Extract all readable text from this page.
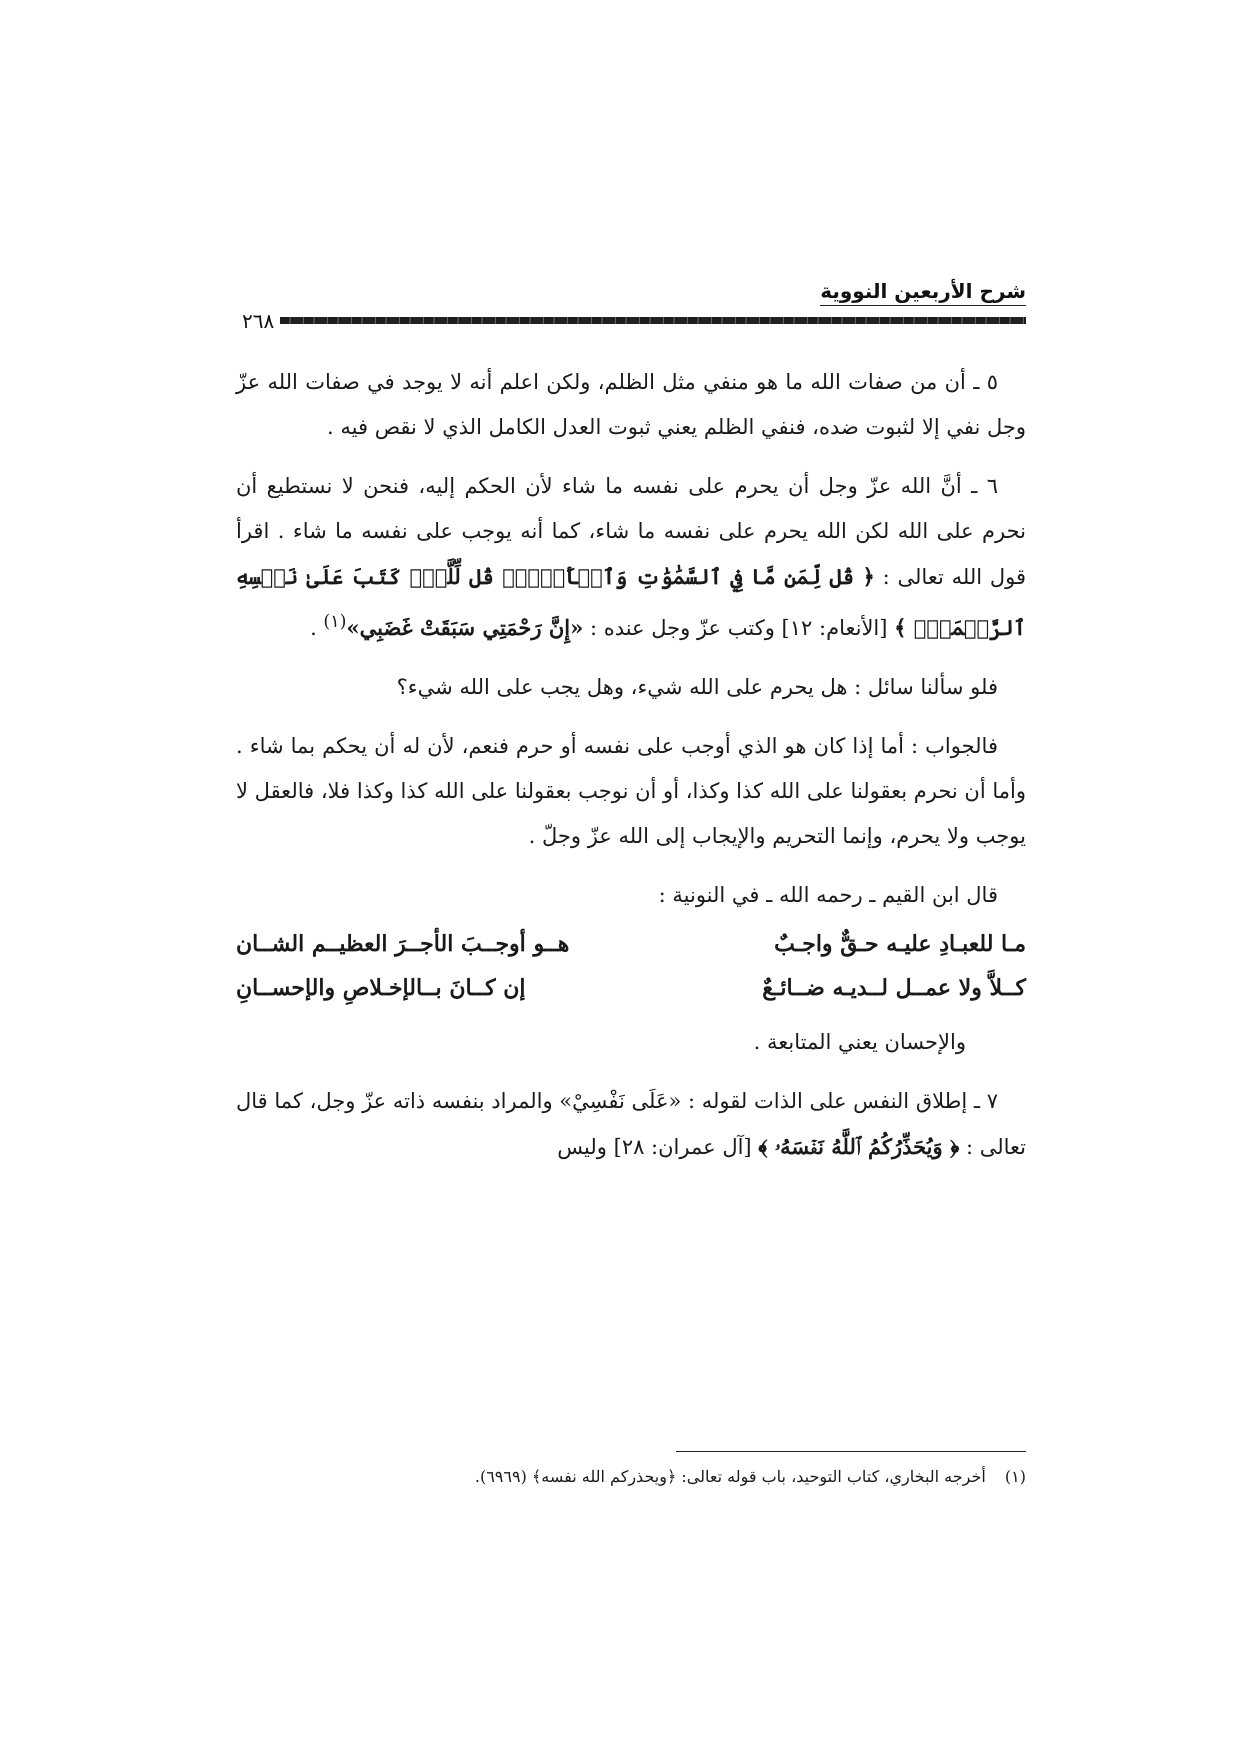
شرح الأربعين النووية
٢٦٨

٥ ـ أن من صفات الله ما هو منفي مثل الظلم، ولكن اعلم أنه لا يوجد في صفات الله عزّ وجل نفي إلا لثبوت ضده، فنفي الظلم يعني ثبوت العدل الكامل الذي لا نقص فيه .

٦ ـ أنَّ الله عزّ وجل أن يحرم على نفسه ما شاء لأن الحكم إليه، فنحن لا نستطيع أن نحرم على الله لكن الله يحرم على نفسه ما شاء، كما أنه يوجب على نفسه ما شاء . اقرأ قول الله تعالى : ﴿ قُل لِّمَن مَّا فِي ٱلسَّمَٰوَٰتِ وَٱلۡأَرۡضِۖ قُل لِّلَّهِۚ كَتَبَ عَلَىٰ نَفۡسِهِ ٱلرَّحۡمَةَۚ ﴾ [الأنعام: ١٢] وكتب عزّ وجل عنده : «إِنَّ رَحْمَتِي سَبَقَتْ غَضَبِي»$^{(١)}$ .

فلو سألنا سائل : هل يحرم على الله شيء، وهل يجب على الله شيء؟

فالجواب : أما إذا كان هو الذي أوجب على نفسه أو حرم فنعم، لأن له أن يحكم بما شاء . وأما أن نحرم بعقولنا على الله كذا وكذا، أو أن نوجب بعقولنا على الله كذا وكذا فلا، فالعقل لا يوجب ولا يحرم، وإنما التحريم والإيجاب إلى الله عزّ وجلّ .

قال ابن القيم ـ رحمه الله ـ في النونية :

مـا للعبـادِ عليـه حـقٌّ واجـبٌ
هــو أوجــبَ الأجــرَ العظيــم الشــان
كــلاَّ ولا عمــل لــديـه ضــائـعٌ
إن كــانَ بــالإخـلاصِ والإحســانِ

والإحسان يعني المتابعة .

٧ ـ إطلاق النفس على الذات لقوله : «عَلَى نَفْسِيْ» والمراد بنفسه ذاته عزّ وجل، كما قال تعالى : ﴿ وَيُحَذِّرُكُمُ ٱللَّهُ نَفۡسَهُۥ ﴾ [آل عمران: ٢٨] وليس

(١) أخرجه البخاري، كتاب التوحيد، باب قوله تعالى: ﴿ويحذركم الله نفسه﴾ (٦٩٦٩).
